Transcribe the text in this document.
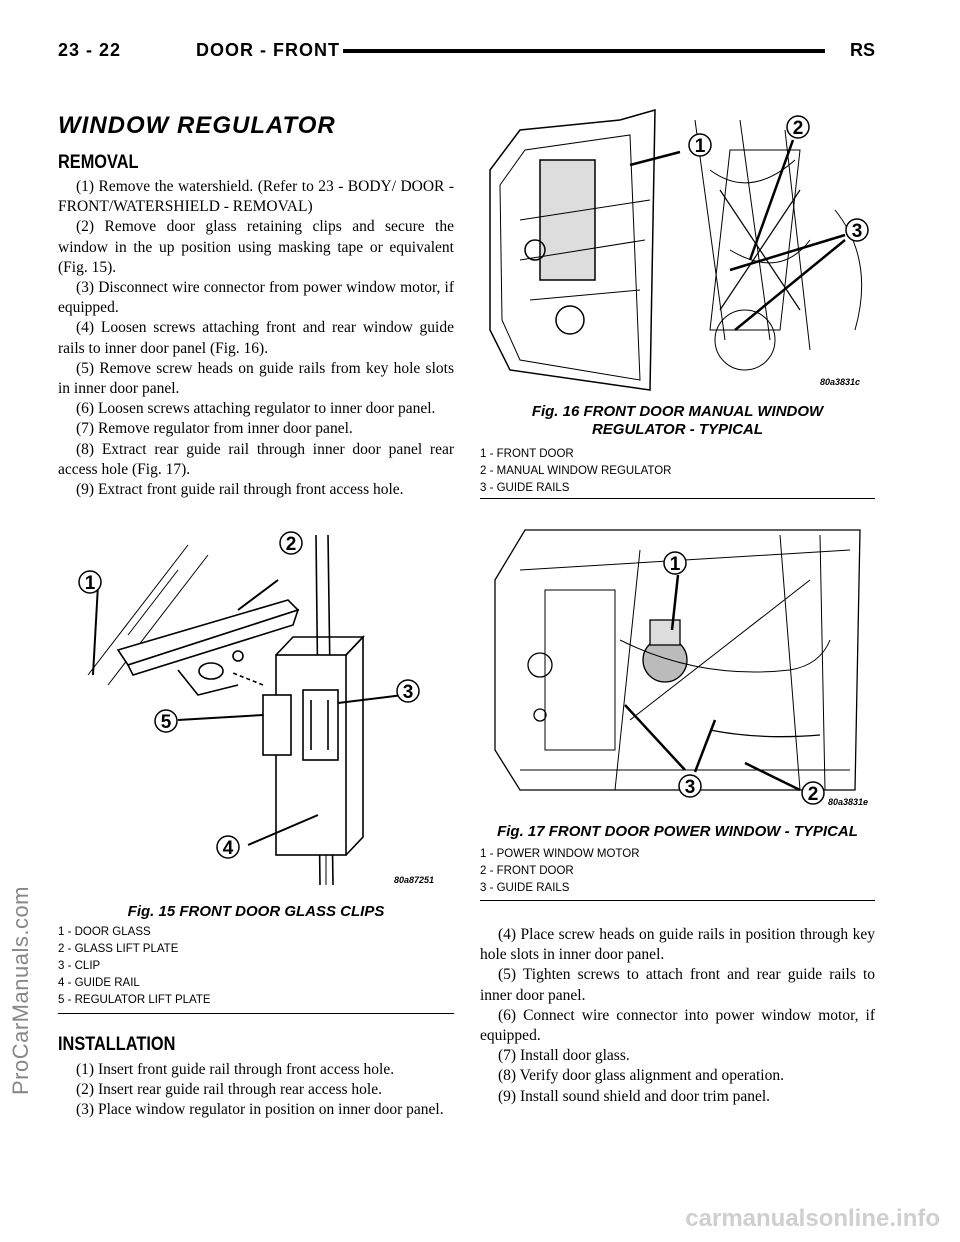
23 - 22	DOOR - FRONT	RS
ProCarManuals.com
WINDOW REGULATOR
REMOVAL

(1) Remove the watershield. (Refer to 23 - BODY/ DOOR - FRONT/WATERSHIELD - REMOVAL)

(2) Remove door glass retaining clips and secure the window in the up position using masking tape or equivalent (Fig. 15).

(3) Disconnect wire connector from power window motor, if equipped.

(4) Loosen screws attaching front and rear window guide rails to inner door panel (Fig. 16).

(5) Remove screw heads on guide rails from key hole slots in inner door panel.

(6) Loosen screws attaching regulator to inner door panel.

(7) Remove regulator from inner door panel.

(8) Extract rear guide rail through inner door panel rear access hole (Fig. 17).

(9) Extract front guide rail through front access hole.

1
2
3
4
5
80a87251
Fig. 15 FRONT DOOR GLASS CLIPS
1 - DOOR GLASS
2 - GLASS LIFT PLATE
3 - CLIP
4 - GUIDE RAIL
5 - REGULATOR LIFT PLATE
INSTALLATION

(1) Insert front guide rail through front access hole.

(2) Insert rear guide rail through rear access hole.

(3) Place window regulator in position on inner door panel.

1
2
3
80a3831c
Fig. 16 FRONT DOOR MANUAL WINDOW
REGULATOR - TYPICAL
1 - FRONT DOOR
2 - MANUAL WINDOW REGULATOR
3 - GUIDE RAILS
1
2
3
80a3831e
Fig. 17 FRONT DOOR POWER WINDOW - TYPICAL
1 - POWER WINDOW MOTOR
2 - FRONT DOOR
3 - GUIDE RAILS

(4) Place screw heads on guide rails in position through key hole slots in inner door panel.

(5) Tighten screws to attach front and rear guide rails to inner door panel.

(6) Connect wire connector into power window motor, if equipped.

(7) Install door glass.

(8) Verify door glass alignment and operation.

(9) Install sound shield and door trim panel.

carmanualsonline.info
